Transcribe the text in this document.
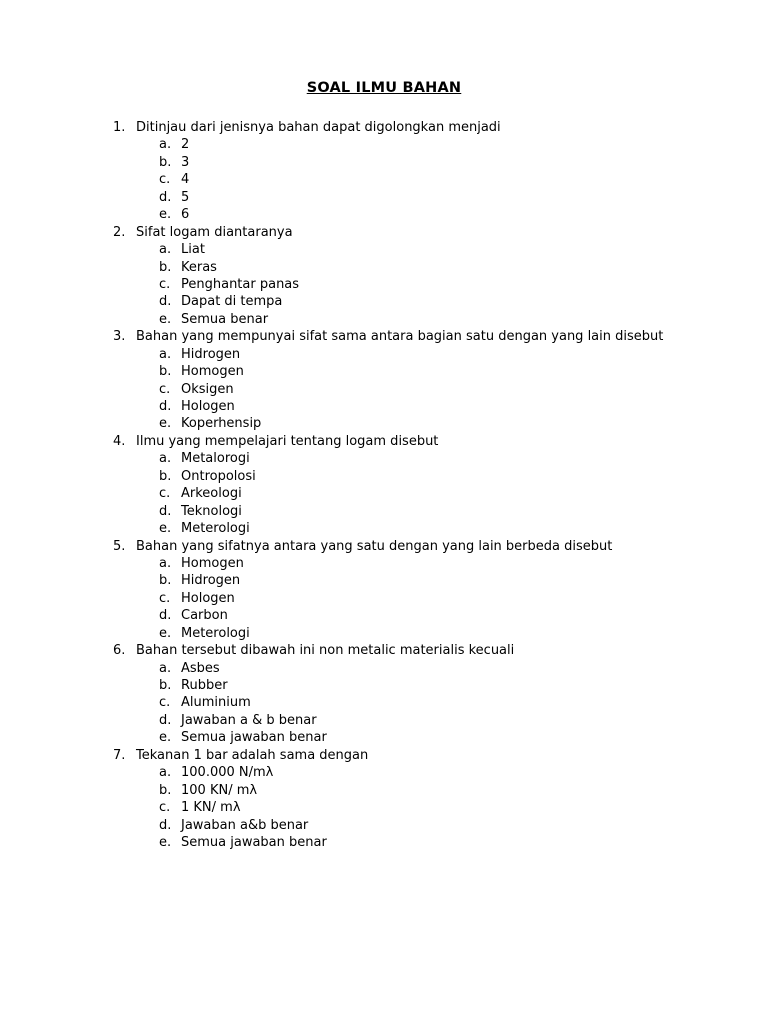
SOAL ILMU BAHAN
1. Ditinjau dari jenisnya bahan dapat digolongkan menjadi
a. 2
b. 3
c. 4
d. 5
e. 6
2. Sifat logam diantaranya
a. Liat
b. Keras
c. Penghantar panas
d. Dapat di tempa
e. Semua benar
3. Bahan yang mempunyai sifat sama antara bagian satu dengan yang lain disebut
a. Hidrogen
b. Homogen
c. Oksigen
d. Hologen
e. Koperhensip
4. Ilmu yang mempelajari tentang logam disebut
a. Metalorogi
b. Ontropolosi
c. Arkeologi
d. Teknologi
e. Meterologi
5. Bahan yang sifatnya antara yang satu dengan yang lain berbeda disebut
a. Homogen
b. Hidrogen
c. Hologen
d. Carbon
e. Meterologi
6. Bahan tersebut dibawah ini non metalic materialis kecuali
a. Asbes
b. Rubber
c. Aluminium
d. Jawaban a & b benar
e. Semua jawaban benar
7. Tekanan 1 bar adalah sama dengan
a. 100.000 N/mλ
b. 100 KN/ mλ
c. 1 KN/ mλ
d. Jawaban a&b benar
e. Semua jawaban benar
